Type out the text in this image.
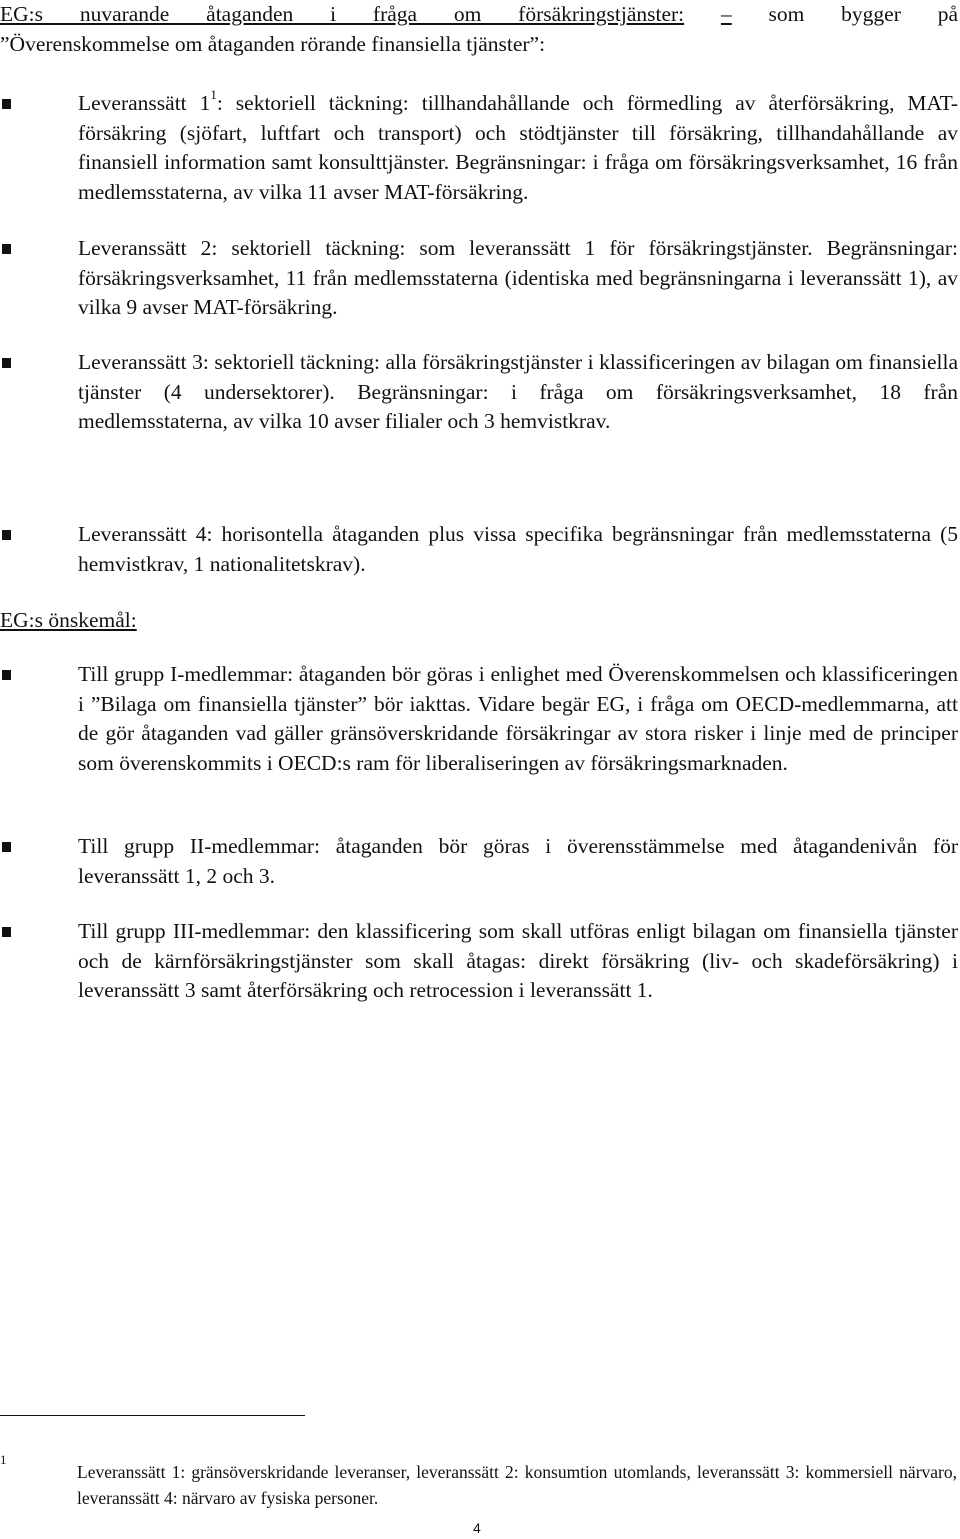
EG:s nuvarande åtaganden i fråga om försäkringstjänster: – som bygger på
”Överenskommelse om åtaganden rörande finansiella tjänster”:
Leveranssätt 1$^1$: sektoriell täckning: tillhandahållande och förmedling av återförsäkring, MAT-försäkring (sjöfart, luftfart och transport) och stödtjänster till försäkring, tillhandahållande av finansiell information samt konsulttjänster. Begränsningar: i fråga om försäkringsverksamhet, 16 från medlemsstaterna, av vilka 11 avser MAT-försäkring.
Leveranssätt 2: sektoriell täckning: som leveranssätt 1 för försäkringstjänster. Begränsningar: försäkringsverksamhet, 11 från medlemsstaterna (identiska med begränsningarna i leveranssätt 1), av vilka 9 avser MAT-försäkring.
Leveranssätt 3: sektoriell täckning: alla försäkringstjänster i klassificeringen av bilagan om finansiella tjänster (4 undersektorer). Begränsningar: i fråga om försäkringsverksamhet, 18 från medlemsstaterna, av vilka 10 avser filialer och 3 hemvistkrav.
Leveranssätt 4: horisontella åtaganden plus vissa specifika begränsningar från medlemsstaterna (5 hemvistkrav, 1 nationalitetskrav).
EG:s önskemål:
Till grupp I-medlemmar: åtaganden bör göras i enlighet med Överenskommelsen och klassificeringen i ”Bilaga om finansiella tjänster” bör iakttas. Vidare begär EG, i fråga om OECD-medlemmarna, att de gör åtaganden vad gäller gränsöverskridande försäkringar av stora risker i linje med de principer som överenskommits i OECD:s ram för liberaliseringen av försäkringsmarknaden.
Till grupp II-medlemmar: åtaganden bör göras i överensstämmelse med åtagandenivån för leveranssätt 1, 2 och 3.
Till grupp III-medlemmar: den klassificering som skall utföras enligt bilagan om finansiella tjänster och de kärnförsäkringstjänster som skall åtagas: direkt försäkring (liv- och skadeförsäkring) i leveranssätt 3 samt återförsäkring och retrocession i leveranssätt 1.
1
Leveranssätt 1: gränsöverskridande leveranser, leveranssätt 2: konsumtion utomlands, leveranssätt 3: kommersiell närvaro, leveranssätt 4: närvaro av fysiska personer.
4
